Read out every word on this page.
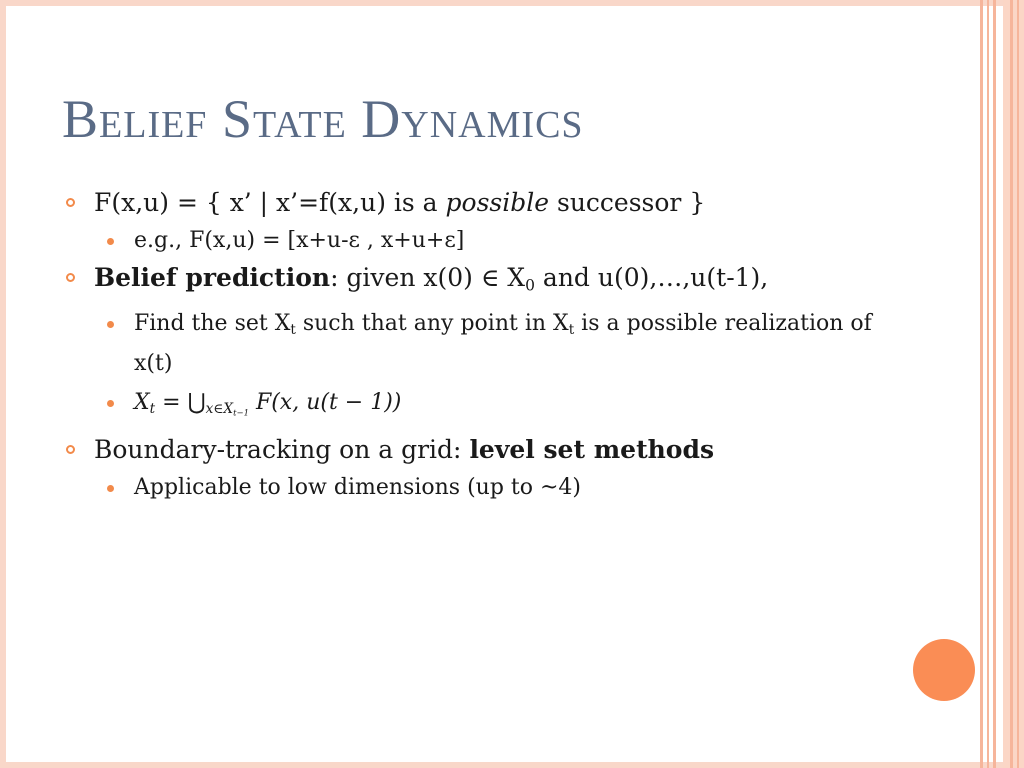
Belief State Dynamics
F(x,u) = { x’ | x’=f(x,u) is a possible successor }
e.g., F(x,u) = [x+u-ε , x+u+ε]
Belief prediction: given x(0) ∈ $X_0$ and u(0),…,u(t-1),
Find the set $X_t$ such that any point in $X_t$ is a possible realization of x(t)
$X_t$ = $⋃_{x\in X_{t-1}}$ F(x, u(t − 1))
Boundary-tracking on a grid: level set methods
Applicable to low dimensions (up to ~4)
